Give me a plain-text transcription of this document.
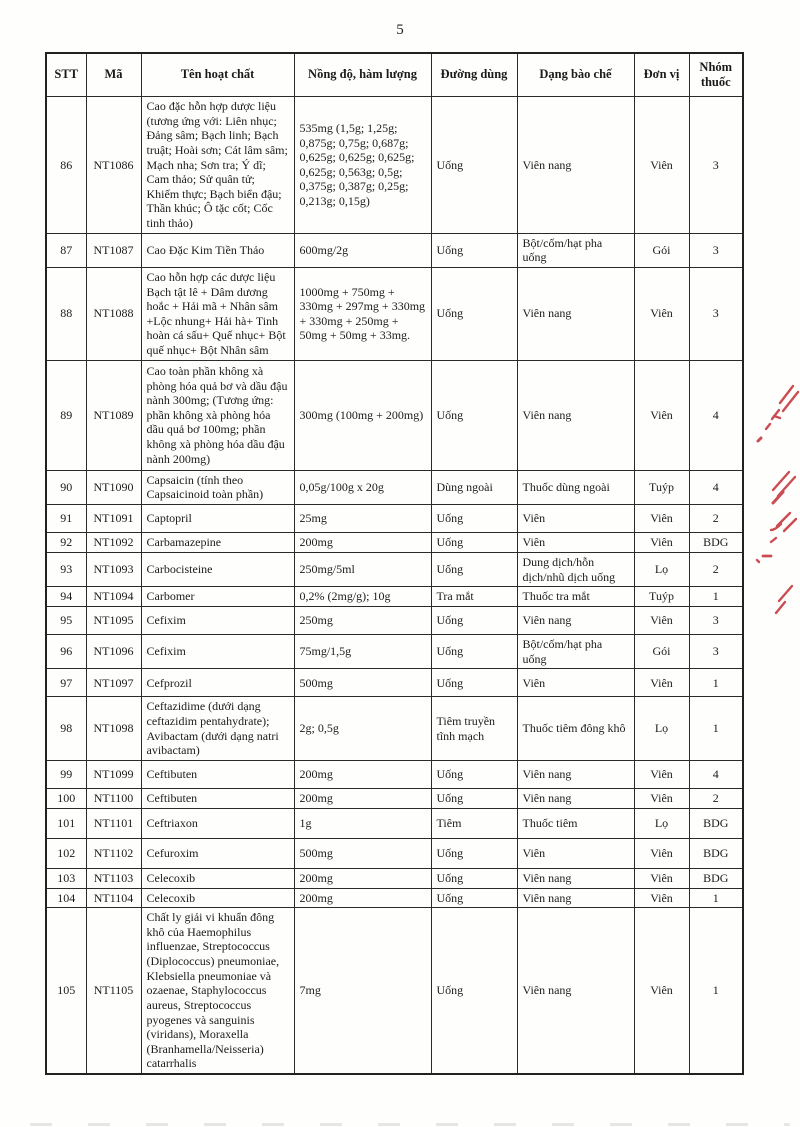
5
STT	Mã	Tên hoạt chất	Nồng độ, hàm lượng	Đường dùng	Dạng bào chế	Đơn vị	Nhóm thuốc
86	NT1086	Cao đặc hỗn hợp dược liệu (tương ứng với: Liên nhục; Đảng sâm; Bạch linh; Bạch truật; Hoài sơn; Cát lâm sâm; Mạch nha; Sơn tra; Ý dĩ; Cam thảo; Sử quân tử; Khiếm thực; Bạch biển đậu; Thần khúc; Ô tặc cốt; Cốc tinh thảo)	535mg (1,5g; 1,25g; 0,875g; 0,75g; 0,687g; 0,625g; 0,625g; 0,625g; 0,625g; 0,563g; 0,5g; 0,375g; 0,387g; 0,25g; 0,213g; 0,15g)	Uống	Viên nang	Viên	3
87	NT1087	Cao Đặc Kim Tiền Thảo	600mg/2g	Uống	Bột/cốm/hạt pha uống	Gói	3
88	NT1088	Cao hỗn hợp các dược liệu Bạch tật lê + Dâm dương hoắc + Hải mã + Nhân sâm +Lộc nhung+ Hải hà+ Tinh hoàn cá sấu+ Quế nhục+ Bột quế nhục+ Bột Nhân sâm	1000mg + 750mg + 330mg + 297mg + 330mg + 330mg + 250mg + 50mg + 50mg + 33mg.	Uống	Viên nang	Viên	3
89	NT1089	Cao toàn phần không xà phòng hóa quả bơ và dầu đậu nành 300mg; (Tương ứng: phần không xà phòng hóa dầu quả bơ 100mg; phần không xà phòng hóa dầu đậu nành 200mg)	300mg (100mg + 200mg)	Uống	Viên nang	Viên	4
90	NT1090	Capsaicin (tính theo Capsaicinoid toàn phần)	0,05g/100g x 20g	Dùng ngoài	Thuốc dùng ngoài	Tuýp	4
91	NT1091	Captopril	25mg	Uống	Viên	Viên	2
92	NT1092	Carbamazepine	200mg	Uống	Viên	Viên	BDG
93	NT1093	Carbocisteine	250mg/5ml	Uống	Dung dịch/hỗn dịch/nhũ dịch uống	Lọ	2
94	NT1094	Carbomer	0,2% (2mg/g); 10g	Tra mắt	Thuốc tra mắt	Tuýp	1
95	NT1095	Cefixim	250mg	Uống	Viên nang	Viên	3
96	NT1096	Cefixim	75mg/1,5g	Uống	Bột/cốm/hạt pha uống	Gói	3
97	NT1097	Cefprozil	500mg	Uống	Viên	Viên	1
98	NT1098	Ceftazidime (dưới dạng ceftazidim pentahydrate); Avibactam (dưới dạng natri avibactam)	2g; 0,5g	Tiêm truyền tĩnh mạch	Thuốc tiêm đông khô	Lọ	1
99	NT1099	Ceftibuten	200mg	Uống	Viên nang	Viên	4
100	NT1100	Ceftibuten	200mg	Uống	Viên nang	Viên	2
101	NT1101	Ceftriaxon	1g	Tiêm	Thuốc tiêm	Lọ	BDG
102	NT1102	Cefuroxim	500mg	Uống	Viên	Viên	BDG
103	NT1103	Celecoxib	200mg	Uống	Viên nang	Viên	BDG
104	NT1104	Celecoxib	200mg	Uống	Viên nang	Viên	1
105	NT1105	Chất ly giải vi khuẩn đông khô của Haemophilus influenzae, Streptococcus (Diplococcus) pneumoniae, Klebsiella pneumoniae và ozaenae, Staphylococcus aureus, Streptococcus pyogenes và sanguinis (viridans), Moraxella (Branhamella/Neisseria) catarrhalis	7mg	Uống	Viên nang	Viên	1
